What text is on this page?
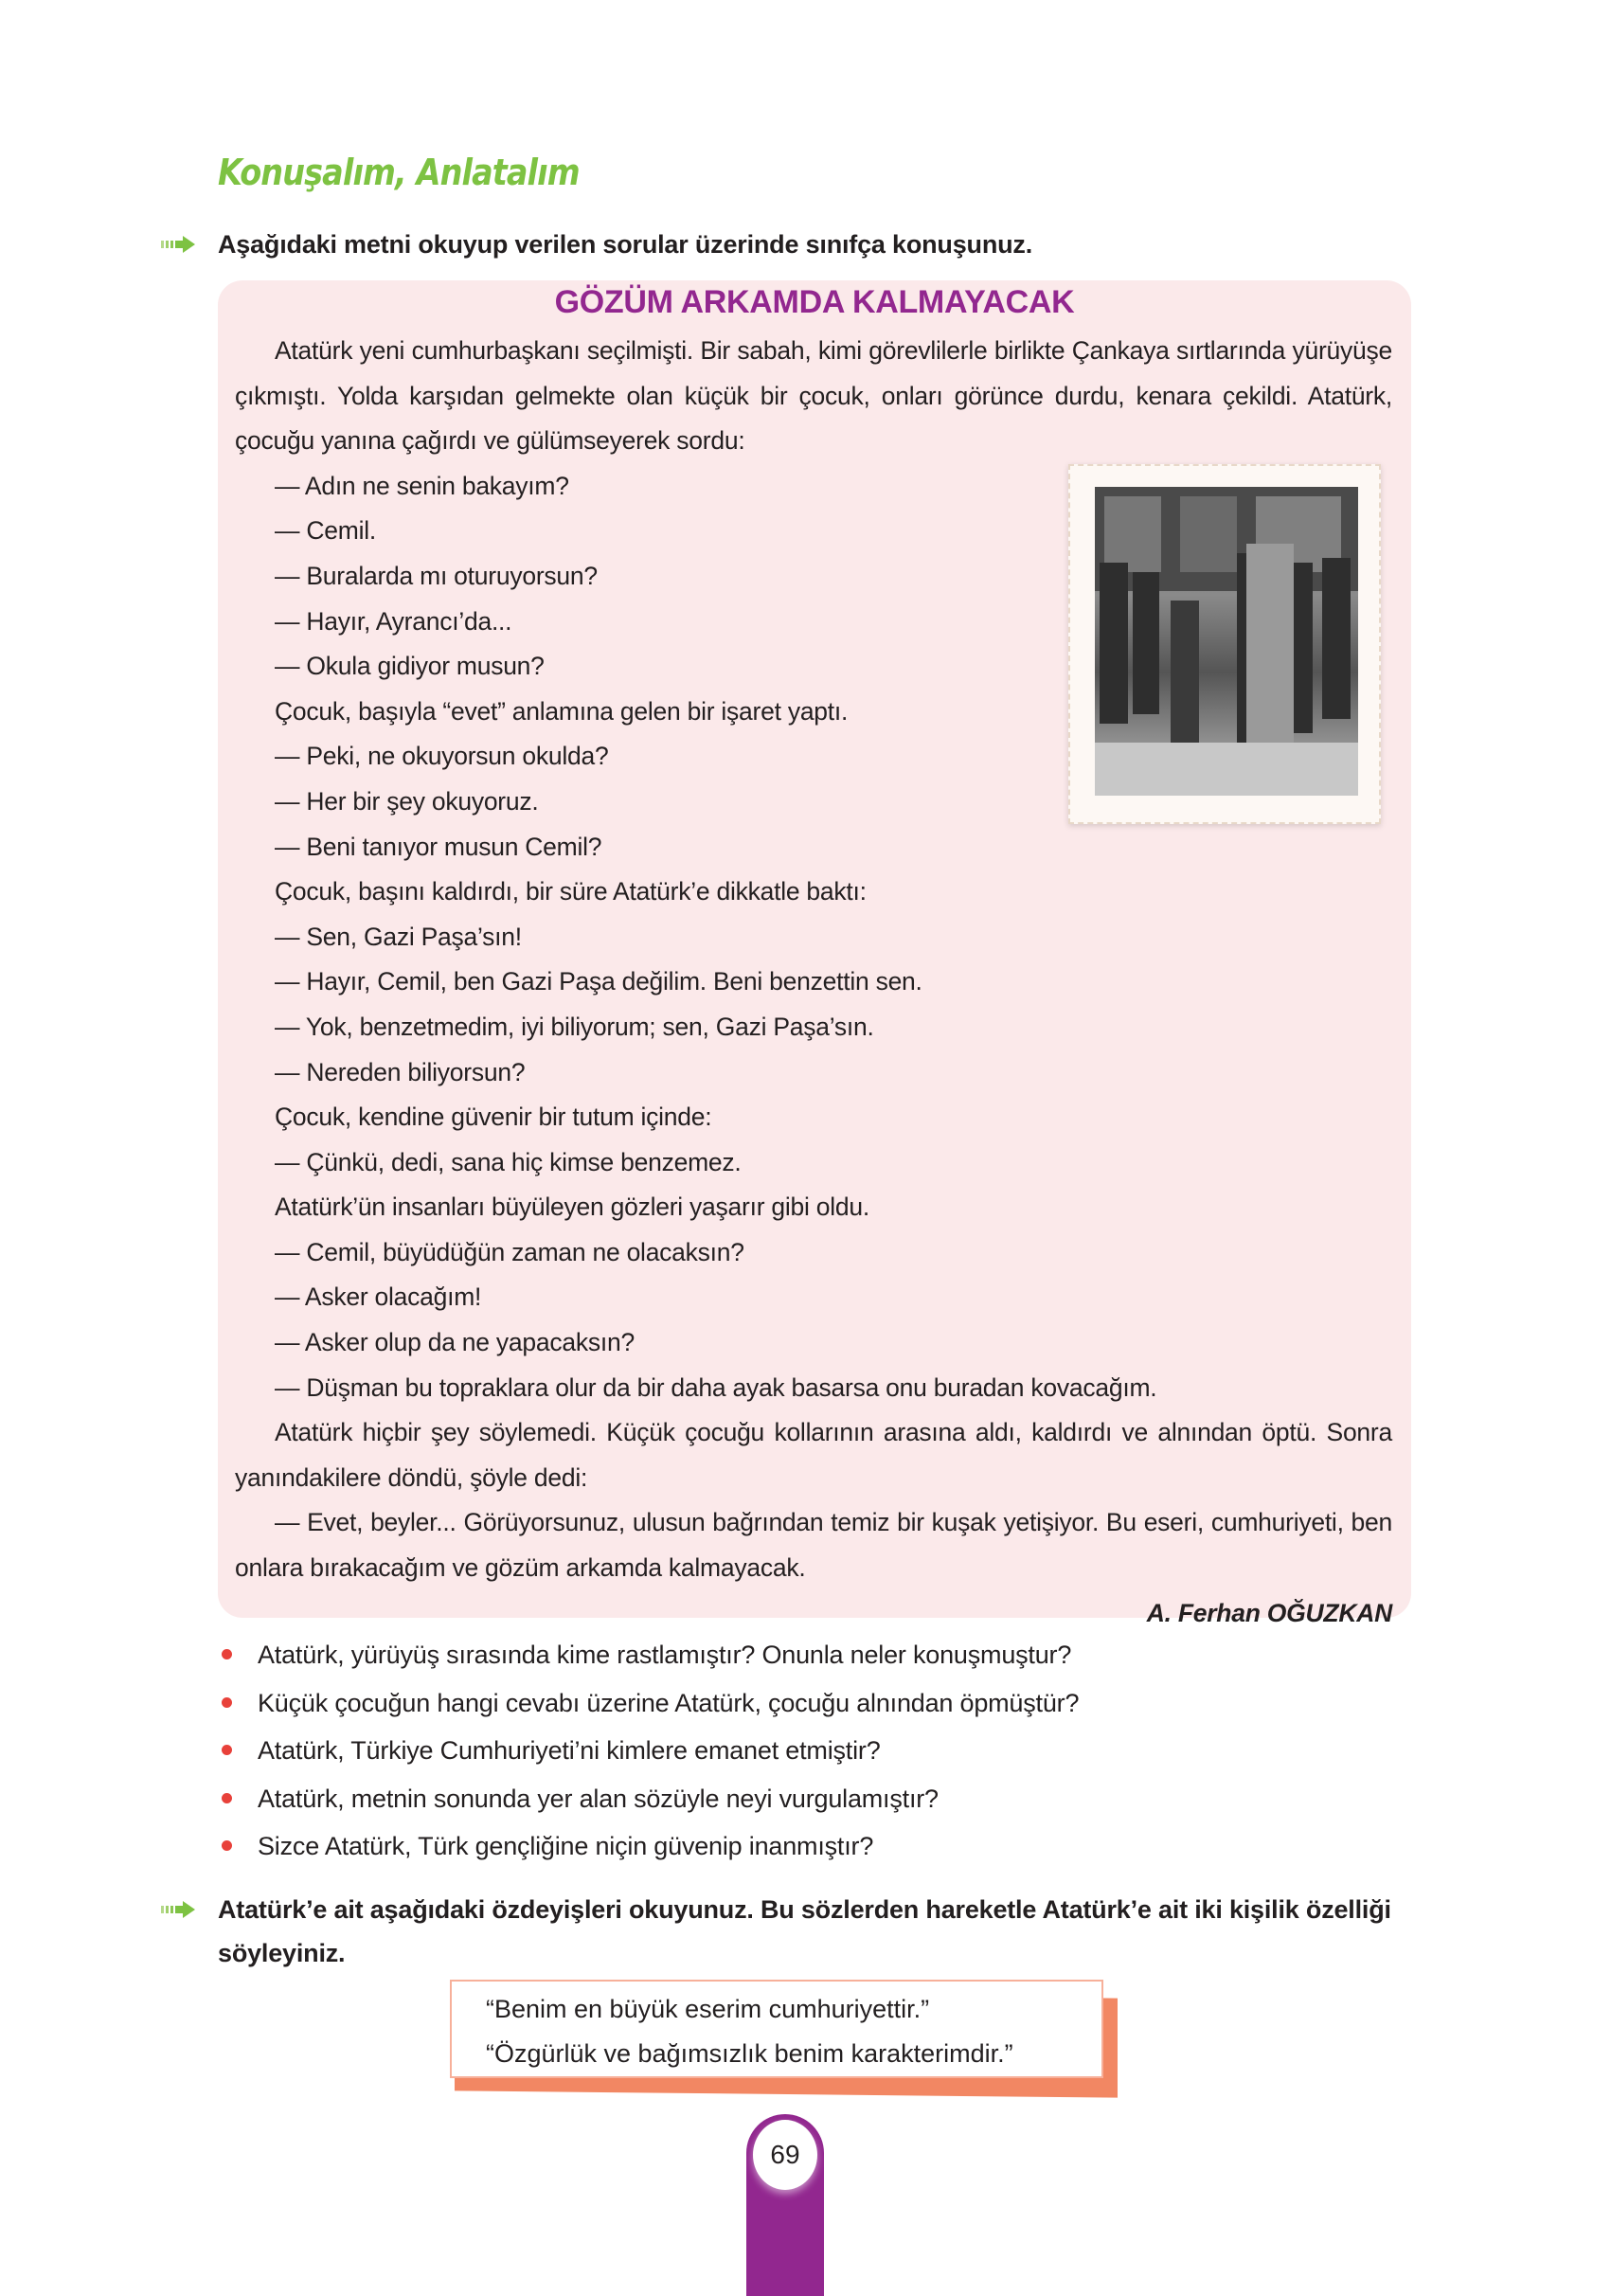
Konuşalım, Anlatalım
Aşağıdaki metni okuyup verilen sorular üzerinde sınıfça konuşunuz.
GÖZÜM ARKAMDA KALMAYACAK

Atatürk yeni cumhurbaşkanı seçilmişti. Bir sabah, kimi görevlilerle birlikte Çankaya sırtlarında yürüyüşe çıkmıştı. Yolda karşıdan gelmekte olan küçük bir çocuk, onları görünce durdu, kenara çekildi. Atatürk, çocuğu yanına çağırdı ve gülümseyerek sordu:

— Adın ne senin bakayım?
— Cemil.
— Buralarda mı oturuyorsun?
— Hayır, Ayrancı’da...
— Okula gidiyor musun?
Çocuk, başıyla “evet” anlamına gelen bir işaret yaptı.
— Peki, ne okuyorsun okulda?
— Her bir şey okuyoruz.
— Beni tanıyor musun Cemil?
Çocuk, başını kaldırdı, bir süre Atatürk’e dikkatle baktı:
— Sen, Gazi Paşa’sın!
— Hayır, Cemil, ben Gazi Paşa değilim. Beni benzettin sen.
— Yok, benzetmedim, iyi biliyorum; sen, Gazi Paşa’sın.
— Nereden biliyorsun?
Çocuk, kendine güvenir bir tutum içinde:
— Çünkü, dedi, sana hiç kimse benzemez.
Atatürk’ün insanları büyüleyen gözleri yaşarır gibi oldu.
— Cemil, büyüdüğün zaman ne olacaksın?
— Asker olacağım!
— Asker olup da ne yapacaksın?
— Düşman bu topraklara olur da bir daha ayak basarsa onu buradan kovacağım.

Atatürk hiçbir şey söylemedi. Küçük çocuğu kollarının arasına aldı, kaldırdı ve alnından öptü. Sonra yanındakilere döndü, şöyle dedi:

— Evet, beyler... Görüyorsunuz, ulusun bağrından temiz bir kuşak yetişiyor. Bu eseri, cumhuriyeti, ben onlara bırakacağım ve gözüm arkamda kalmayacak.

A. Ferhan OĞUZKAN
Atatürk, yürüyüş sırasında kime rastlamıştır? Onunla neler konuşmuştur?
Küçük çocuğun hangi cevabı üzerine Atatürk, çocuğu alnından öpmüştür?
Atatürk, Türkiye Cumhuriyeti’ni kimlere emanet etmiştir?
Atatürk, metnin sonunda yer alan sözüyle neyi vurgulamıştır?
Sizce Atatürk, Türk gençliğine niçin güvenip inanmıştır?
Atatürk’e ait aşağıdaki özdeyişleri okuyunuz. Bu sözlerden hareketle Atatürk’e ait iki kişilik özelliği söyleyiniz.
“Benim en büyük eserim cumhuriyettir.”
“Özgürlük ve bağımsızlık benim karakterimdir.”
69
